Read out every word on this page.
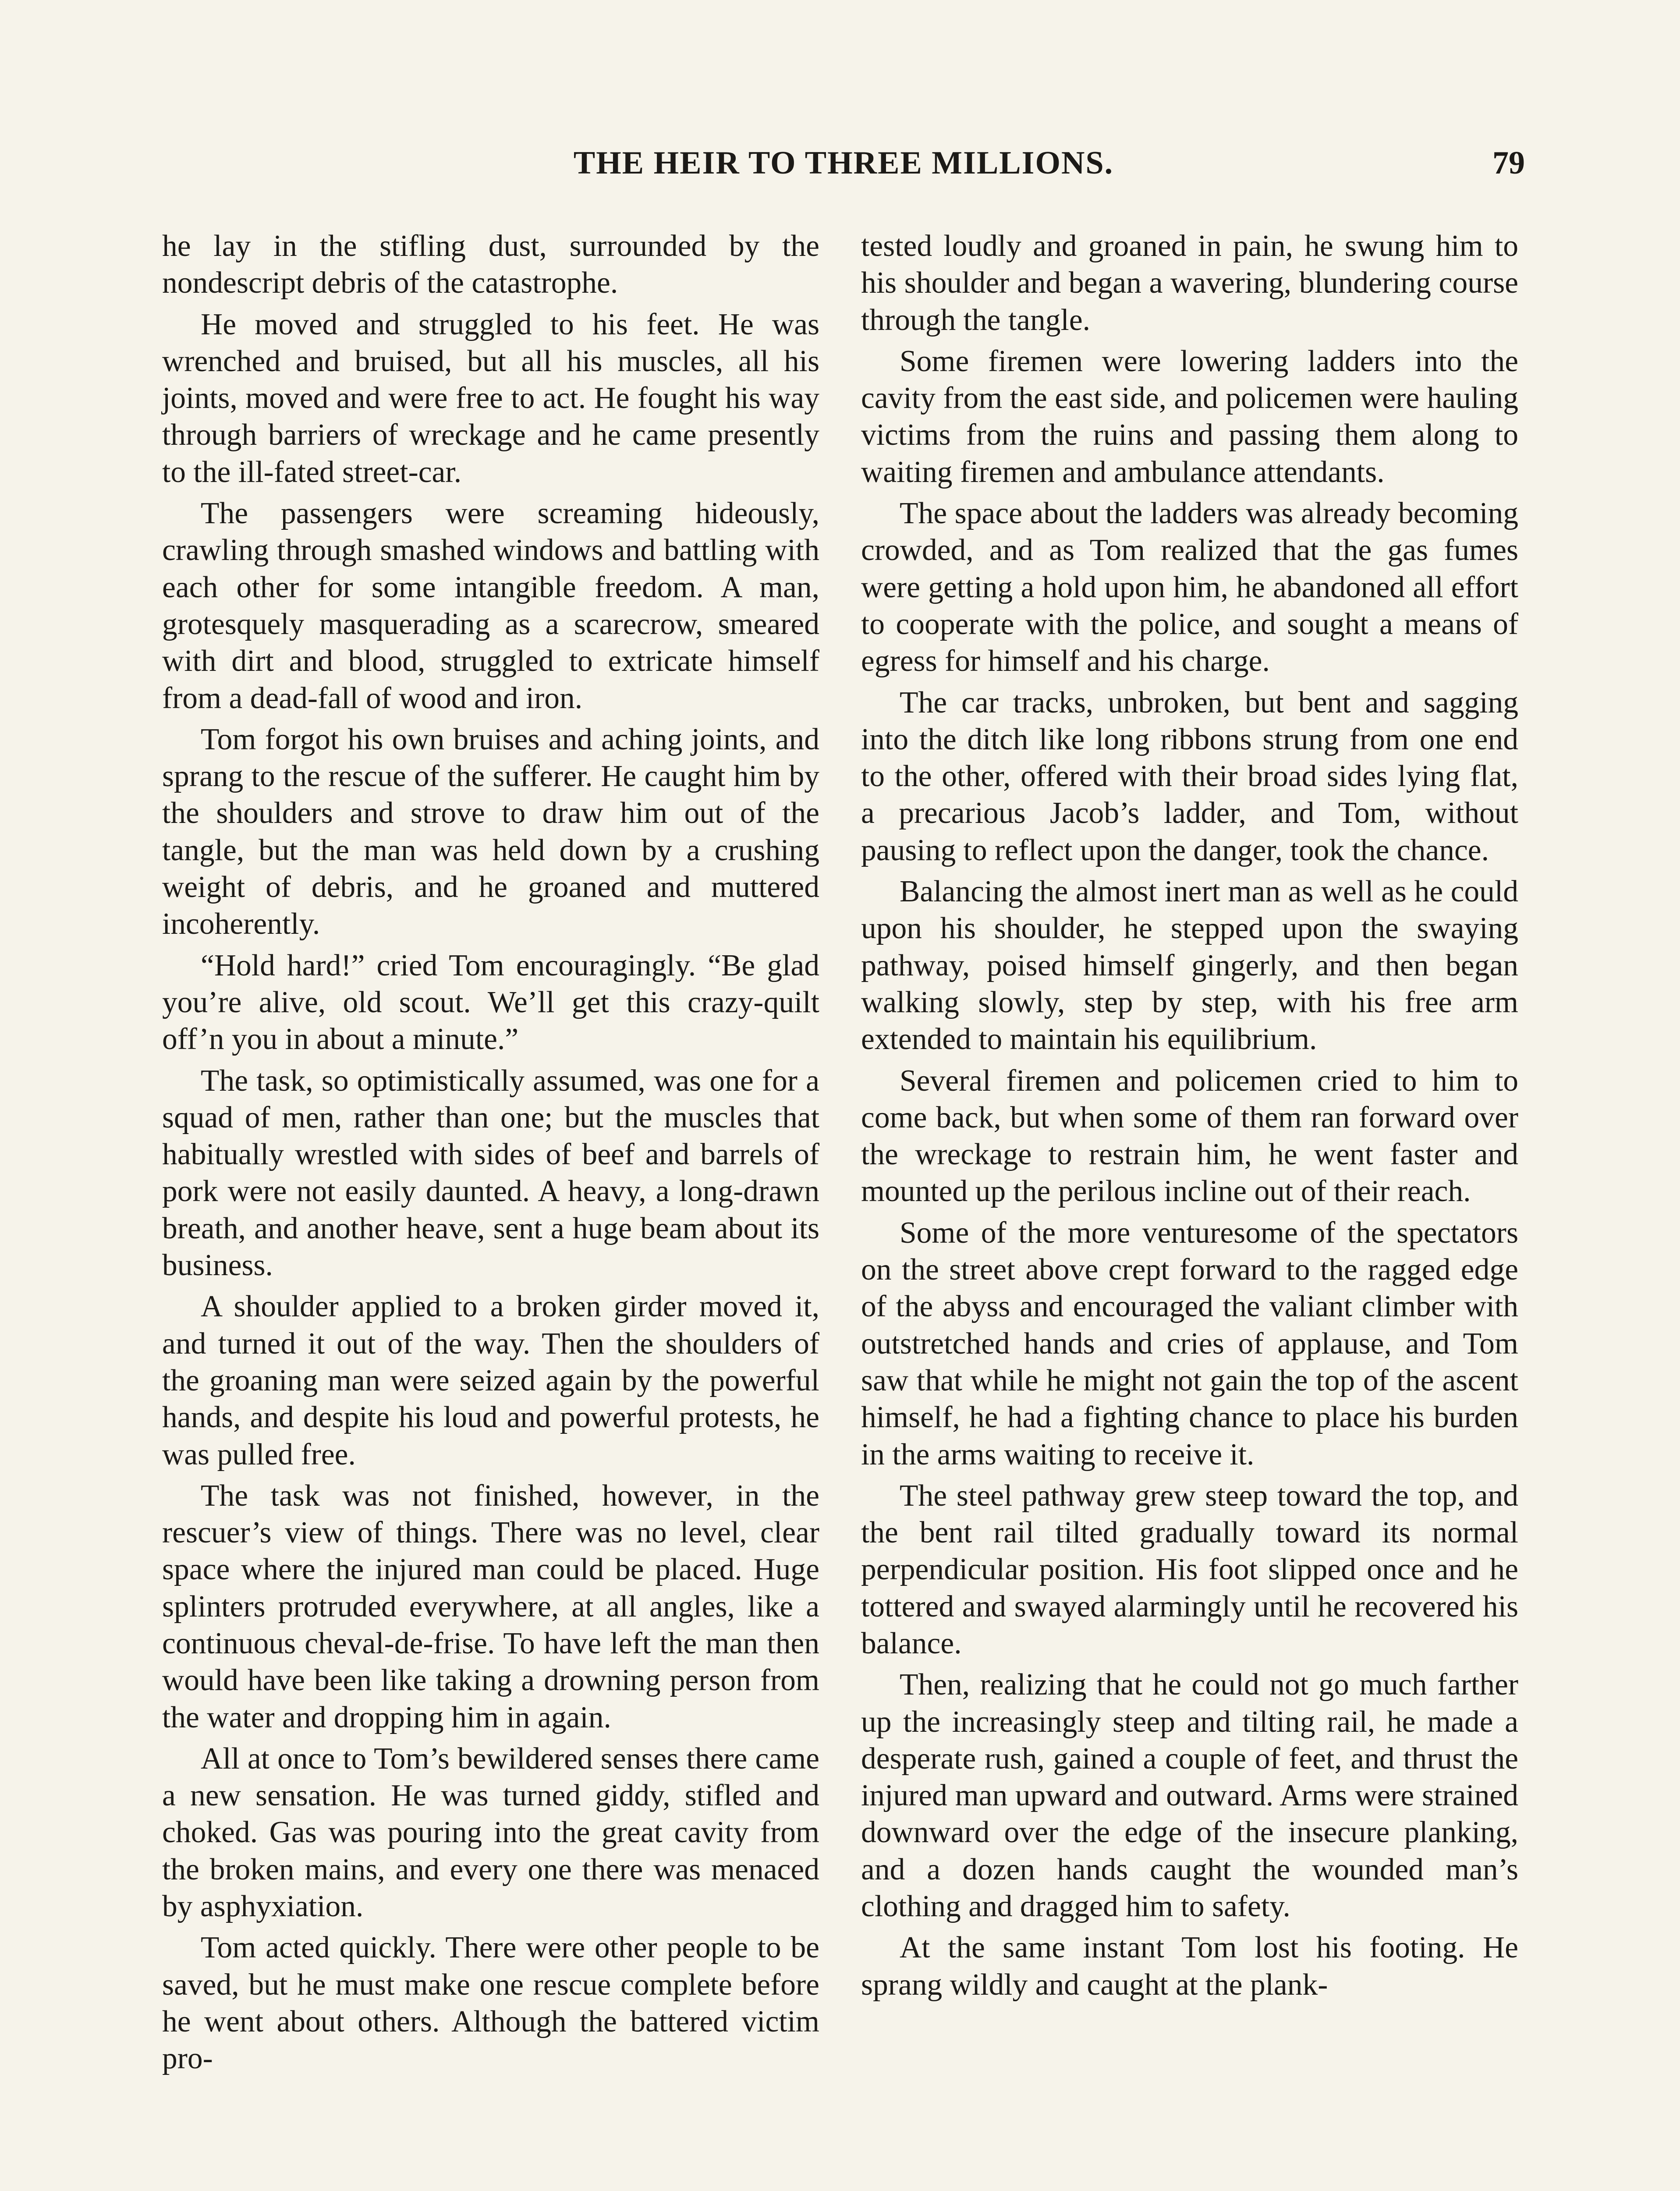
THE HEIR TO THREE MILLIONS.	79

he lay in the stifling dust, surrounded by the nondescript debris of the catastrophe.

He moved and struggled to his feet. He was wrenched and bruised, but all his muscles, all his joints, moved and were free to act. He fought his way through barriers of wreckage and he came presently to the ill-fated street-car.

The passengers were screaming hideously, crawling through smashed windows and battling with each other for some intangible freedom. A man, grotesquely masquerading as a scarecrow, smeared with dirt and blood, struggled to extricate himself from a dead-fall of wood and iron.

Tom forgot his own bruises and aching joints, and sprang to the rescue of the sufferer. He caught him by the shoulders and strove to draw him out of the tangle, but the man was held down by a crushing weight of debris, and he groaned and muttered incoherently.

“Hold hard!” cried Tom encouragingly. “Be glad you’re alive, old scout. We’ll get this crazy-quilt off’n you in about a minute.”

The task, so optimistically assumed, was one for a squad of men, rather than one; but the muscles that habitually wrestled with sides of beef and barrels of pork were not easily daunted. A heavy, a long-drawn breath, and another heave, sent a huge beam about its business.

A shoulder applied to a broken girder moved it, and turned it out of the way. Then the shoulders of the groaning man were seized again by the powerful hands, and despite his loud and powerful protests, he was pulled free.

The task was not finished, however, in the rescuer’s view of things. There was no level, clear space where the injured man could be placed. Huge splinters protruded everywhere, at all angles, like a continuous cheval-de-frise. To have left the man then would have been like taking a drowning person from the water and dropping him in again.

All at once to Tom’s bewildered senses there came a new sensation. He was turned giddy, stifled and choked. Gas was pouring into the great cavity from the broken mains, and every one there was menaced by asphyxiation.

Tom acted quickly. There were other people to be saved, but he must make one rescue complete before he went about others. Although the battered victim pro-

tested loudly and groaned in pain, he swung him to his shoulder and began a wavering, blundering course through the tangle.

Some firemen were lowering ladders into the cavity from the east side, and policemen were hauling victims from the ruins and passing them along to waiting firemen and ambulance attendants.

The space about the ladders was already becoming crowded, and as Tom realized that the gas fumes were getting a hold upon him, he abandoned all effort to cooperate with the police, and sought a means of egress for himself and his charge.

The car tracks, unbroken, but bent and sagging into the ditch like long ribbons strung from one end to the other, offered with their broad sides lying flat, a precarious Jacob’s ladder, and Tom, without pausing to reflect upon the danger, took the chance.

Balancing the almost inert man as well as he could upon his shoulder, he stepped upon the swaying pathway, poised himself gingerly, and then began walking slowly, step by step, with his free arm extended to maintain his equilibrium.

Several firemen and policemen cried to him to come back, but when some of them ran forward over the wreckage to restrain him, he went faster and mounted up the perilous incline out of their reach.

Some of the more venturesome of the spectators on the street above crept forward to the ragged edge of the abyss and encouraged the valiant climber with outstretched hands and cries of applause, and Tom saw that while he might not gain the top of the ascent himself, he had a fighting chance to place his burden in the arms waiting to receive it.

The steel pathway grew steep toward the top, and the bent rail tilted gradually toward its normal perpendicular position. His foot slipped once and he tottered and swayed alarmingly until he recovered his balance.

Then, realizing that he could not go much farther up the increasingly steep and tilting rail, he made a desperate rush, gained a couple of feet, and thrust the injured man upward and outward. Arms were strained downward over the edge of the insecure planking, and a dozen hands caught the wounded man’s clothing and dragged him to safety.

At the same instant Tom lost his footing. He sprang wildly and caught at the plank-
